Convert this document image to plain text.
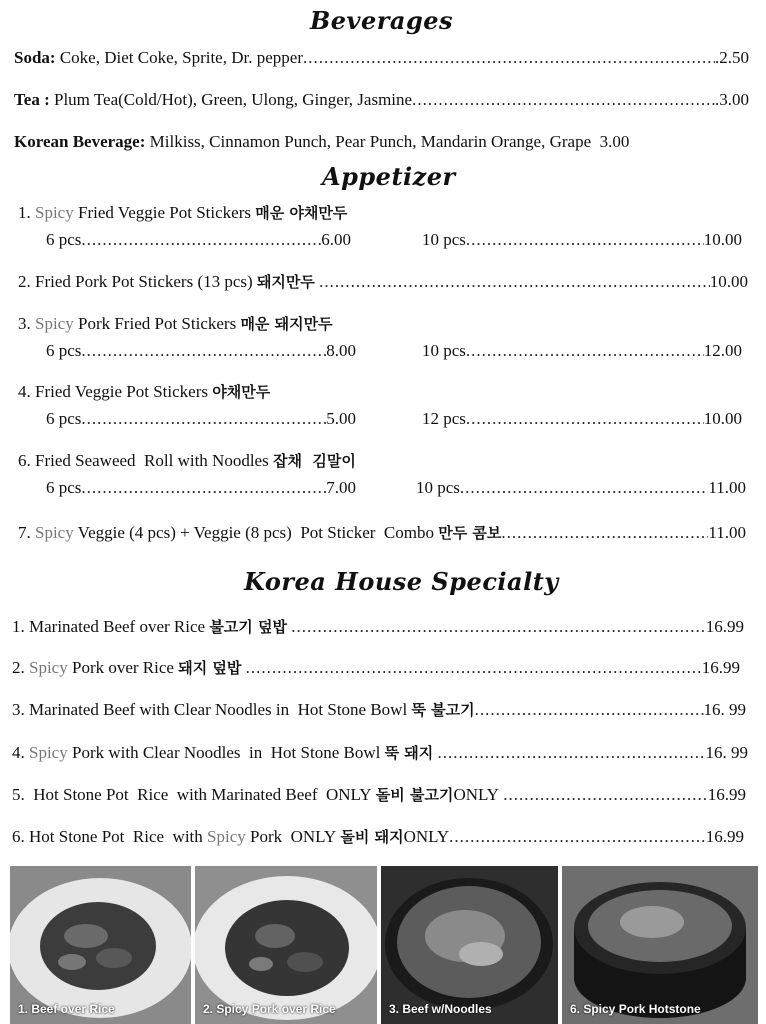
Beverages
Soda: Coke, Diet Coke, Sprite, Dr. pepper .....	.2.50
Tea : Plum Tea(Cold/Hot), Green, Ulong, Ginger, Jasmine .....	.3.00
Korean Beverage: Milkiss, Cinnamon Punch, Pear Punch, Mandarin Orange, Grape  3.00
Appetizer
1. Spicy Fried Veggie Pot Stickers 매운 야채만두
6 pcs .....	6.00	10 pcs .....	10.00
2.
Fried Pork Pot Stickers (13 pcs)
돼지만두
.....	10.00
3. Spicy Pork Fried Pot Stickers 매운 돼지만두
6 pcs .....	8.00	10 pcs .....	12.00
4. Fried Veggie Pot Stickers 야채만두
6 pcs .....	5.00	12 pcs .....	10.00
6. Fried Seaweed  Roll with Noodles 잡채  김말이
6 pcs .....	7.00	10 pcs .....	11.00
7.
Spicy Veggie (4 pcs) + Veggie (8 pcs)  Pot Sticker  Combo
만두 콤보 .....	11.00
Korea House Specialty
1. Marinated Beef over Rice
불고기 덮밥
.....	16.99
2.
Spicy Pork over Rice
돼지 덮밥
.....	16.99
3. Marinated Beef with Clear Noodles in  Hot Stone Bowl
뚝 불고기 .....	16. 99
4.
Spicy Pork with Clear Noodles  in  Hot Stone Bowl
뚝 돼지
.....	16. 99
5. Hot Stone Pot  Rice  with Marinated Beef  ONLY
돌비 불고기 ONLY
.....	16.99
6. Hot Stone Pot  Rice  with Spicy Pork  ONLY
돌비 돼지 ONLY .....	16.99
1. Beef over Rice	2. Spicy Pork over Rice	3. Beef w/Noodles	6. Spicy Pork Hotstone
